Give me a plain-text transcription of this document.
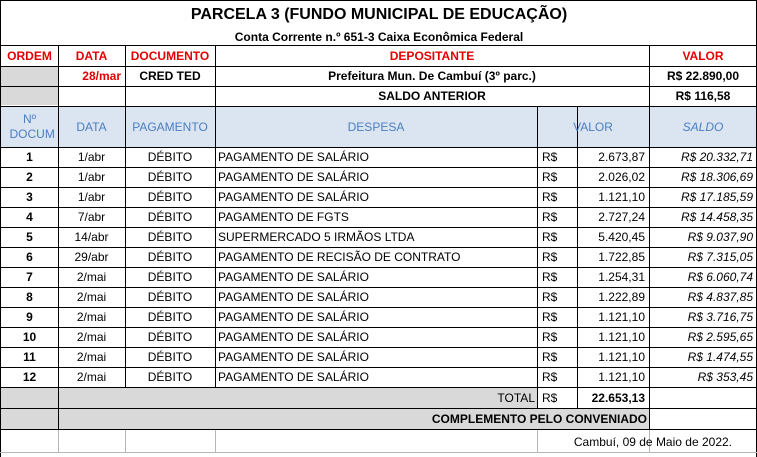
PARCELA 3 (FUNDO MUNICIPAL DE EDUCAÇÃO)
Conta Corrente n.º 651-3 Caixa Econômica Federal
ORDEM	DATA	DOCUMENTO	DEPOSITANTE	VALOR
28/mar	CRED TED	Prefeitura Mun. De Cambuí (3º parc.)	R$ 22.890,00
SALDO ANTERIOR	R$ 116,58
Nº DOCUM	DATA	PAGAMENTO	DESPESA	VALOR	SALDO
1	1/abr	DÉBITO	PAGAMENTO DE SALÁRIO	R$	2.673,87	R$ 20.332,71
2	1/abr	DÉBITO	PAGAMENTO DE SALÁRIO	R$	2.026,02	R$ 18.306,69
3	1/abr	DÉBITO	PAGAMENTO DE SALÁRIO	R$	1.121,10	R$ 17.185,59
4	7/abr	DÉBITO	PAGAMENTO DE FGTS	R$	2.727,24	R$ 14.458,35
5	14/abr	DÉBITO	SUPERMERCADO 5 IRMÃOS LTDA	R$	5.420,45	R$ 9.037,90
6	29/abr	DÉBITO	PAGAMENTO DE RECISÃO DE CONTRATO	R$	1.722,85	R$ 7.315,05
7	2/mai	DÉBITO	PAGAMENTO DE SALÁRIO	R$	1.254,31	R$ 6.060,74
8	2/mai	DÉBITO	PAGAMENTO DE SALÁRIO	R$	1.222,89	R$ 4.837,85
9	2/mai	DÉBITO	PAGAMENTO DE SALÁRIO	R$	1.121,10	R$ 3.716,75
10	2/mai	DÉBITO	PAGAMENTO DE SALÁRIO	R$	1.121,10	R$ 2.595,65
11	2/mai	DÉBITO	PAGAMENTO DE SALÁRIO	R$	1.121,10	R$ 1.474,55
12	2/mai	DÉBITO	PAGAMENTO DE SALÁRIO	R$	1.121,10	R$ 353,45
TOTAL R$	22.653,13
COMPLEMENTO PELO CONVENIADO
Cambuí, 09 de Maio de 2022.
